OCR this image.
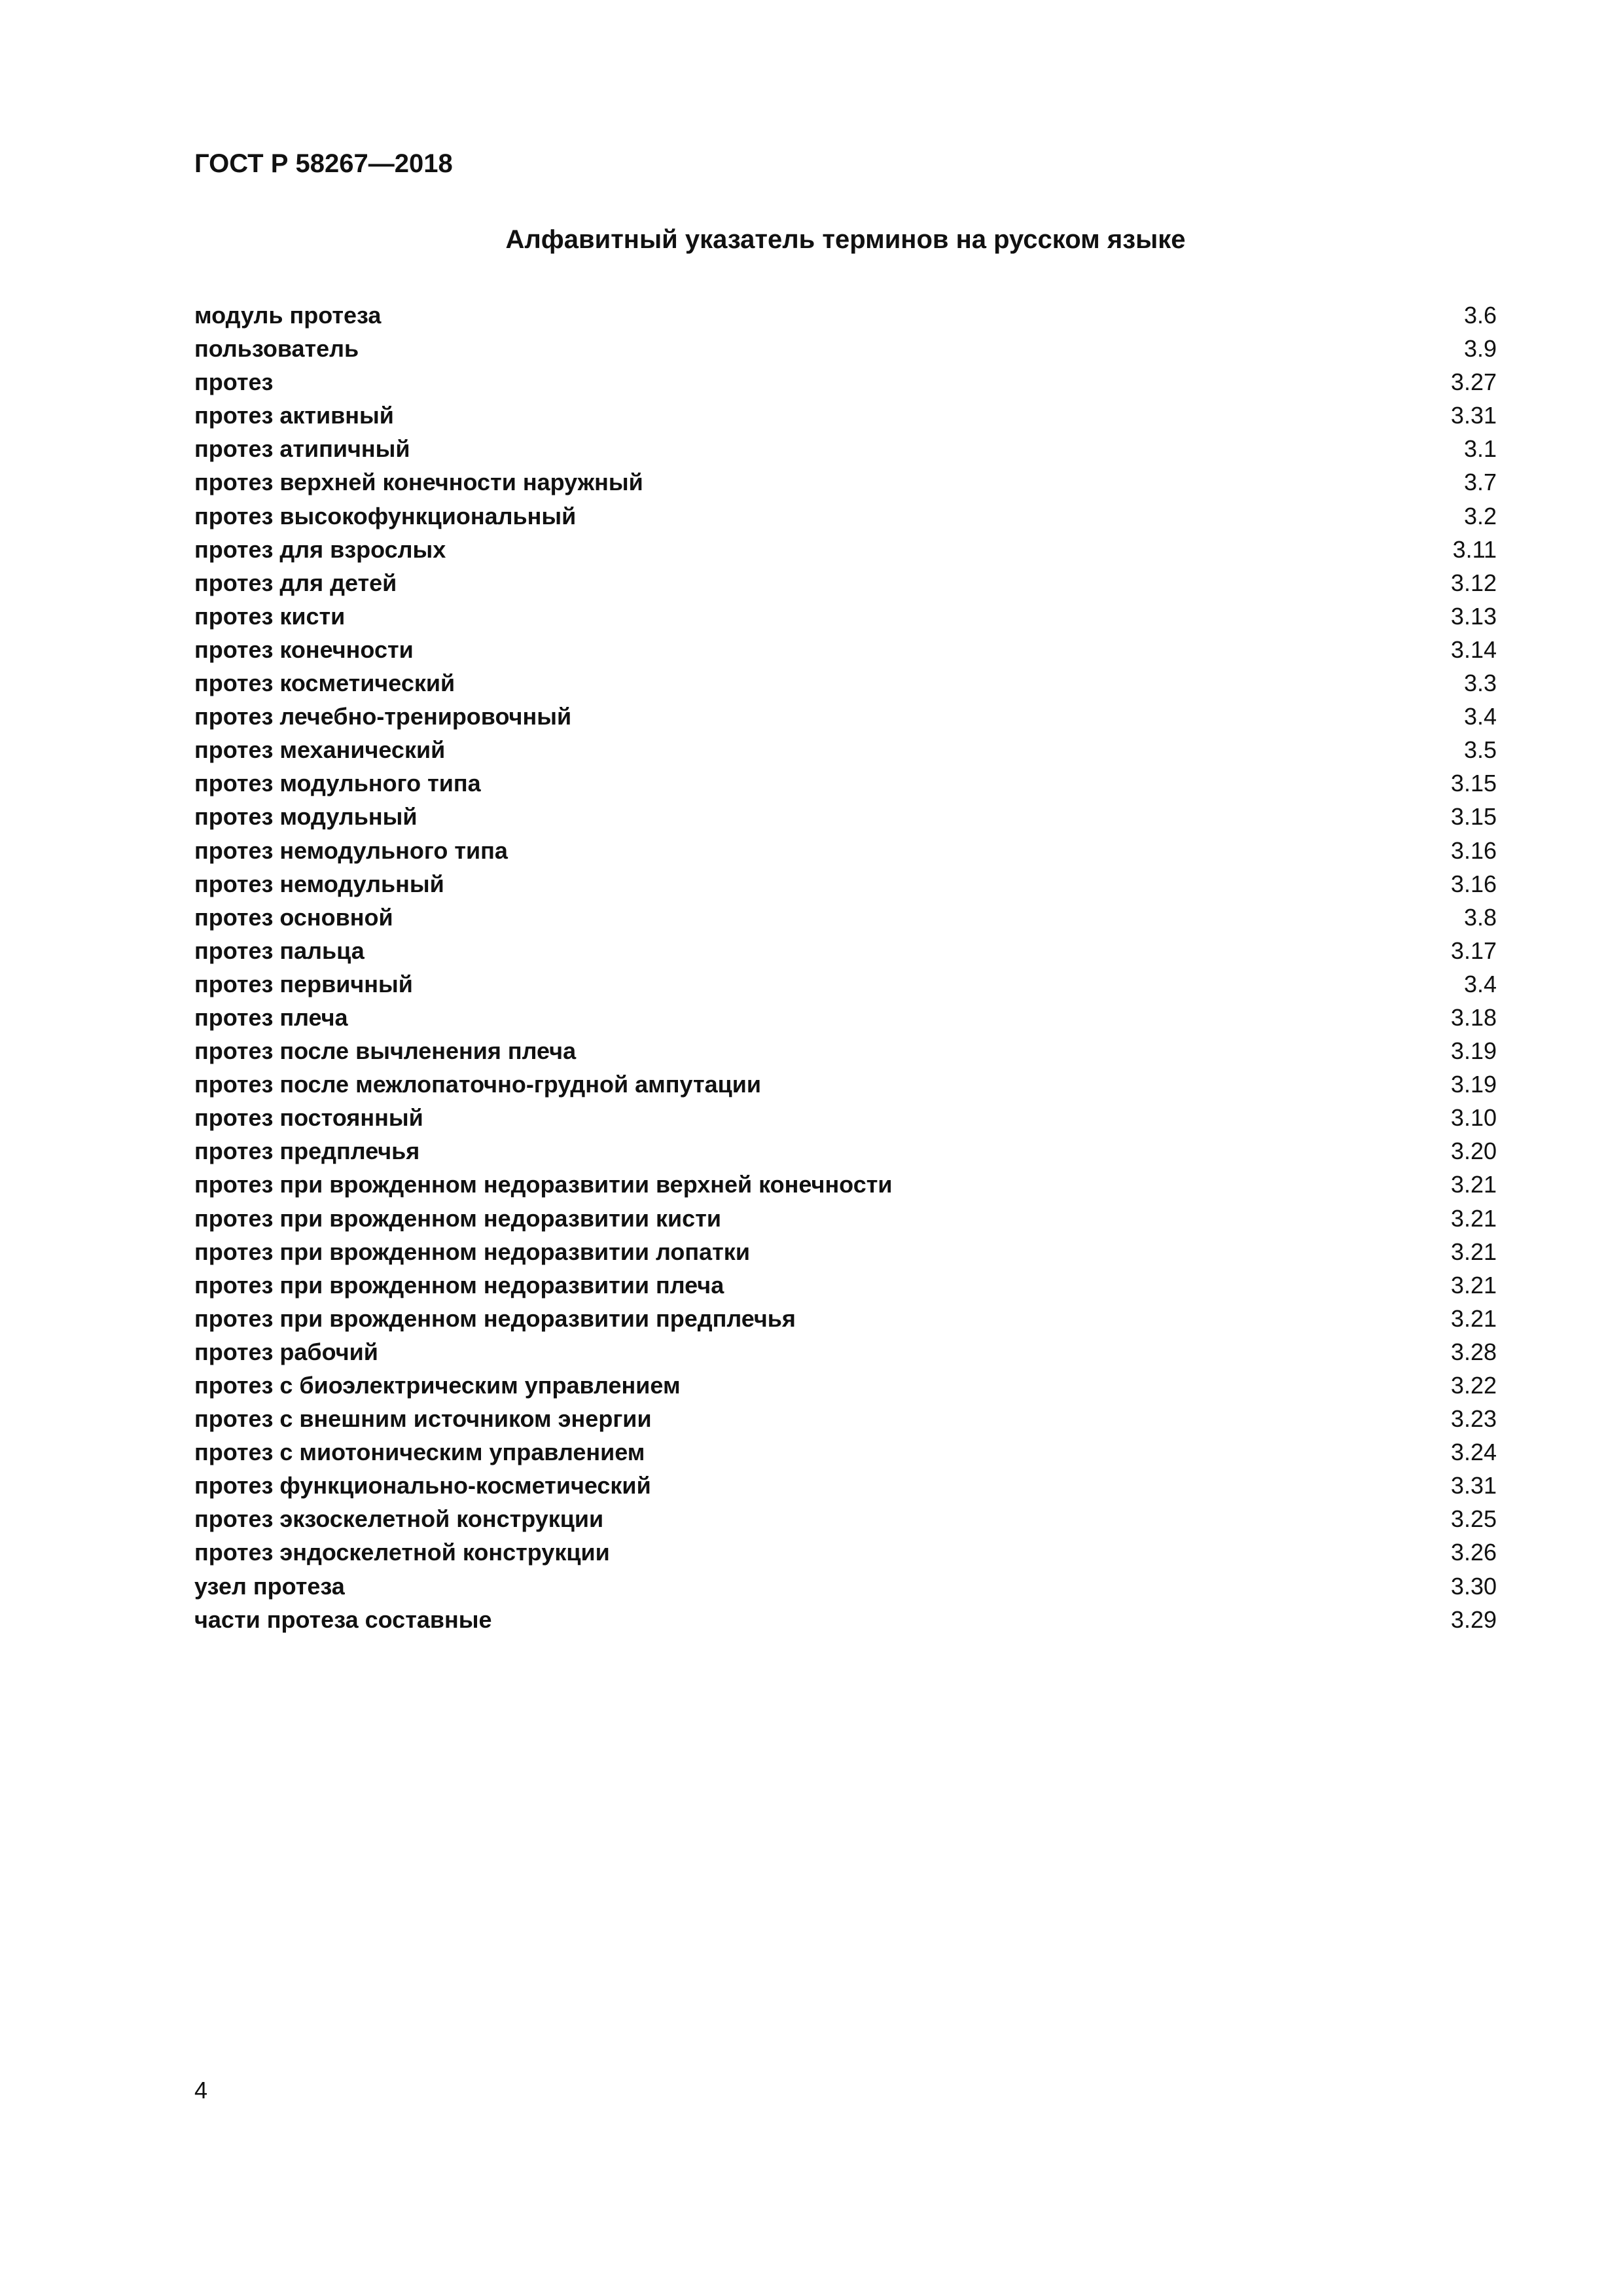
ГОСТ Р 58267—2018
Алфавитный указатель терминов на русском языке
модуль протеза	3.6
пользователь	3.9
протез	3.27
протез активный	3.31
протез атипичный	3.1
протез верхней конечности наружный	3.7
протез высокофункциональный	3.2
протез для взрослых	3.11
протез для детей	3.12
протез кисти	3.13
протез конечности	3.14
протез косметический	3.3
протез лечебно-тренировочный	3.4
протез механический	3.5
протез модульного типа	3.15
протез модульный	3.15
протез немодульного типа	3.16
протез немодульный	3.16
протез основной	3.8
протез пальца	3.17
протез первичный	3.4
протез плеча	3.18
протез после вычленения плеча	3.19
протез после межлопаточно-грудной ампутации	3.19
протез постоянный	3.10
протез предплечья	3.20
протез при врожденном недоразвитии верхней конечности	3.21
протез при врожденном недоразвитии кисти	3.21
протез при врожденном недоразвитии лопатки	3.21
протез при врожденном недоразвитии плеча	3.21
протез при врожденном недоразвитии предплечья	3.21
протез рабочий	3.28
протез с биоэлектрическим управлением	3.22
протез с внешним источником энергии	3.23
протез с миотоническим управлением	3.24
протез функционально-косметический	3.31
протез экзоскелетной конструкции	3.25
протез эндоскелетной конструкции	3.26
узел протеза	3.30
части протеза составные	3.29
4
